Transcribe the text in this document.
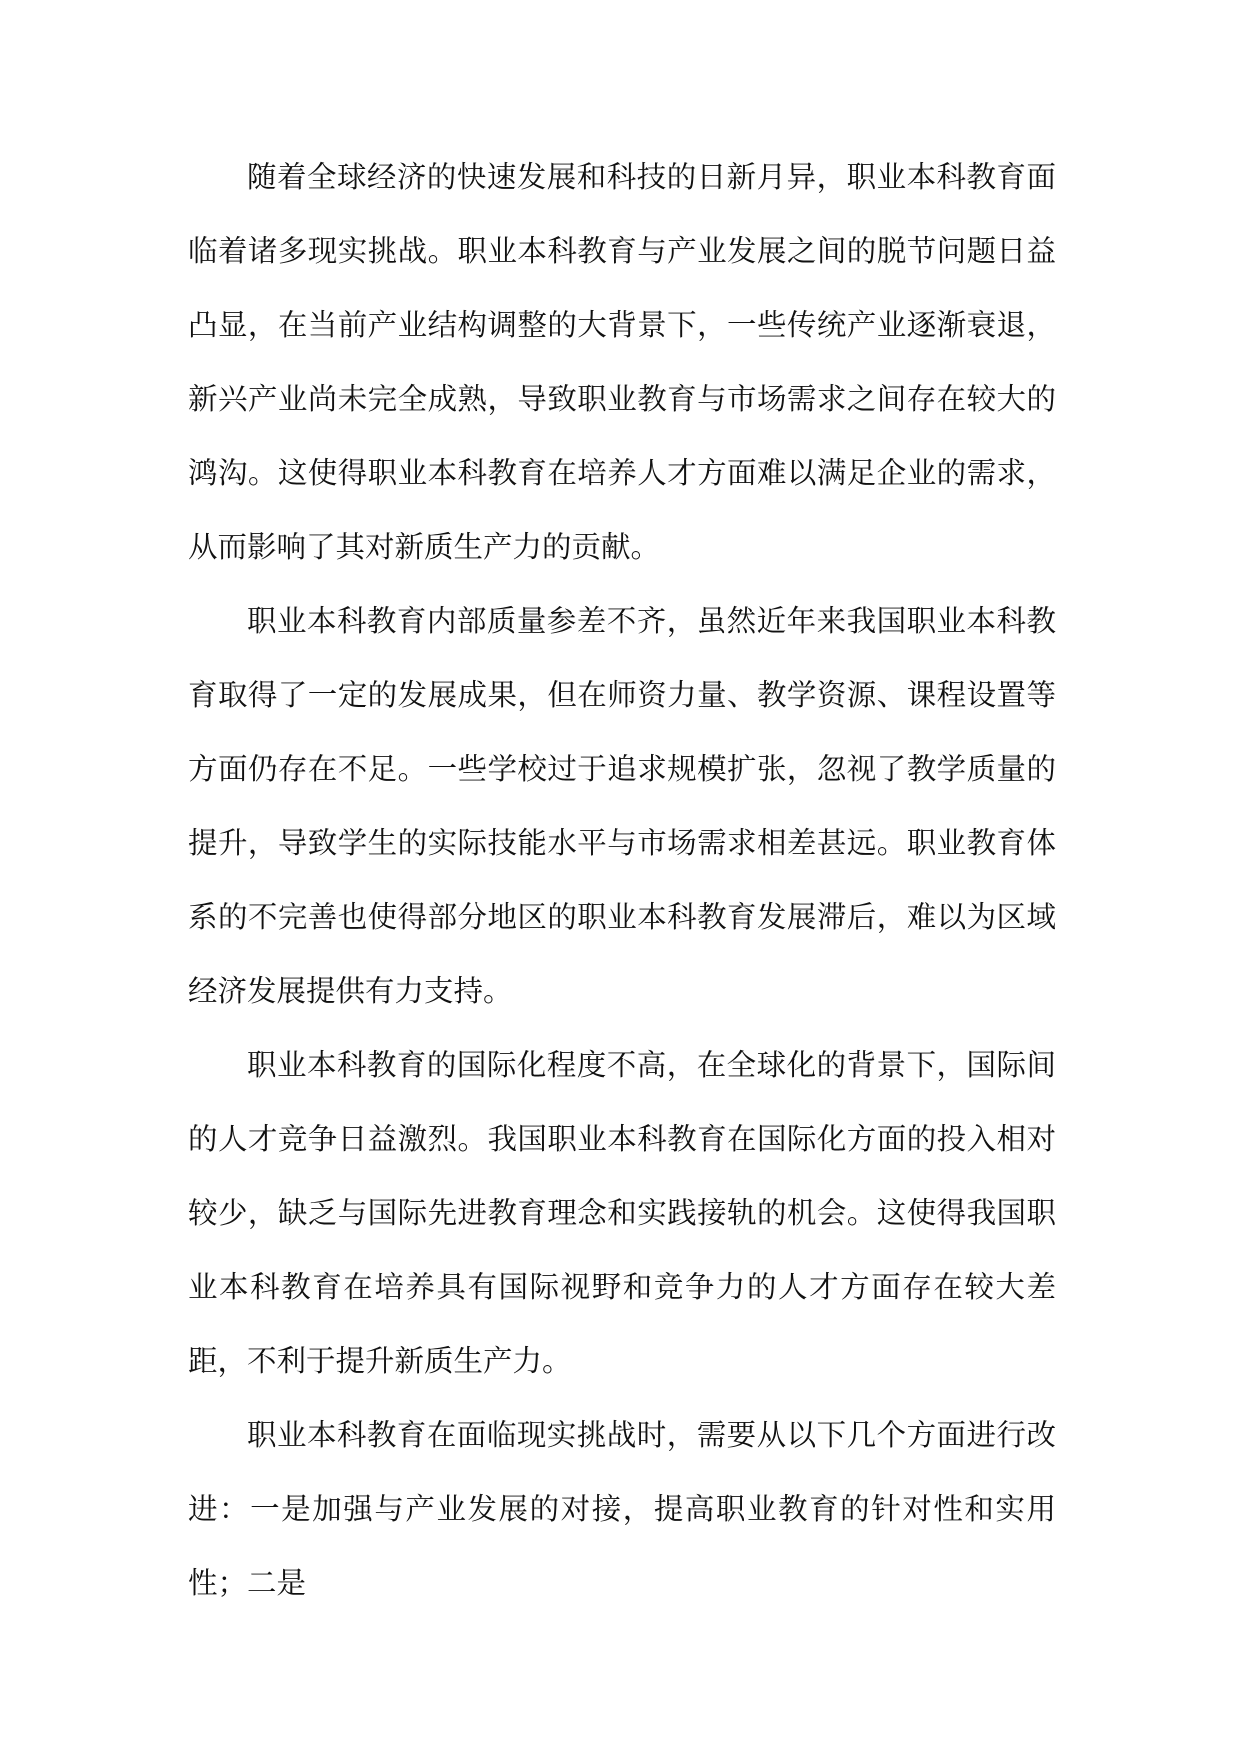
随着全球经济的快速发展和科技的日新月异，职业本科教育面临着诸多现实挑战。职业本科教育与产业发展之间的脱节问题日益凸显，在当前产业结构调整的大背景下，一些传统产业逐渐衰退，新兴产业尚未完全成熟，导致职业教育与市场需求之间存在较大的鸿沟。这使得职业本科教育在培养人才方面难以满足企业的需求，从而影响了其对新质生产力的贡献。

职业本科教育内部质量参差不齐，虽然近年来我国职业本科教育取得了一定的发展成果，但在师资力量、教学资源、课程设置等方面仍存在不足。一些学校过于追求规模扩张，忽视了教学质量的提升，导致学生的实际技能水平与市场需求相差甚远。职业教育体系的不完善也使得部分地区的职业本科教育发展滞后，难以为区域经济发展提供有力支持。

职业本科教育的国际化程度不高，在全球化的背景下，国际间的人才竞争日益激烈。我国职业本科教育在国际化方面的投入相对较少，缺乏与国际先进教育理念和实践接轨的机会。这使得我国职业本科教育在培养具有国际视野和竞争力的人才方面存在较大差距，不利于提升新质生产力。

职业本科教育在面临现实挑战时，需要从以下几个方面进行改进：一是加强与产业发展的对接，提高职业教育的针对性和实用性；二是
